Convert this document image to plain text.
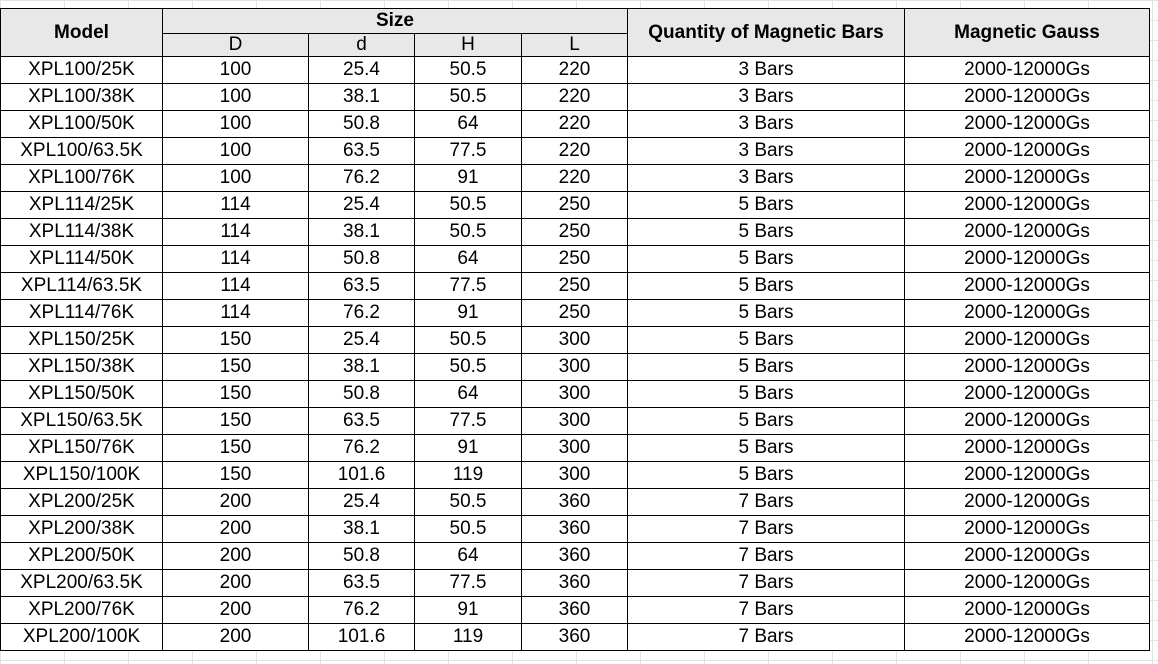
Model	Size				Quantity of Magnetic Bars	Magnetic Gauss
	D	d	H	L		
XPL100/25K	100	25.4	50.5	220	3 Bars	2000-12000Gs
XPL100/38K	100	38.1	50.5	220	3 Bars	2000-12000Gs
XPL100/50K	100	50.8	64	220	3 Bars	2000-12000Gs
XPL100/63.5K	100	63.5	77.5	220	3 Bars	2000-12000Gs
XPL100/76K	100	76.2	91	220	3 Bars	2000-12000Gs
XPL114/25K	114	25.4	50.5	250	5 Bars	2000-12000Gs
XPL114/38K	114	38.1	50.5	250	5 Bars	2000-12000Gs
XPL114/50K	114	50.8	64	250	5 Bars	2000-12000Gs
XPL114/63.5K	114	63.5	77.5	250	5 Bars	2000-12000Gs
XPL114/76K	114	76.2	91	250	5 Bars	2000-12000Gs
XPL150/25K	150	25.4	50.5	300	5 Bars	2000-12000Gs
XPL150/38K	150	38.1	50.5	300	5 Bars	2000-12000Gs
XPL150/50K	150	50.8	64	300	5 Bars	2000-12000Gs
XPL150/63.5K	150	63.5	77.5	300	5 Bars	2000-12000Gs
XPL150/76K	150	76.2	91	300	5 Bars	2000-12000Gs
XPL150/100K	150	101.6	119	300	5 Bars	2000-12000Gs
XPL200/25K	200	25.4	50.5	360	7 Bars	2000-12000Gs
XPL200/38K	200	38.1	50.5	360	7 Bars	2000-12000Gs
XPL200/50K	200	50.8	64	360	7 Bars	2000-12000Gs
XPL200/63.5K	200	63.5	77.5	360	7 Bars	2000-12000Gs
XPL200/76K	200	76.2	91	360	7 Bars	2000-12000Gs
XPL200/100K	200	101.6	119	360	7 Bars	2000-12000Gs
